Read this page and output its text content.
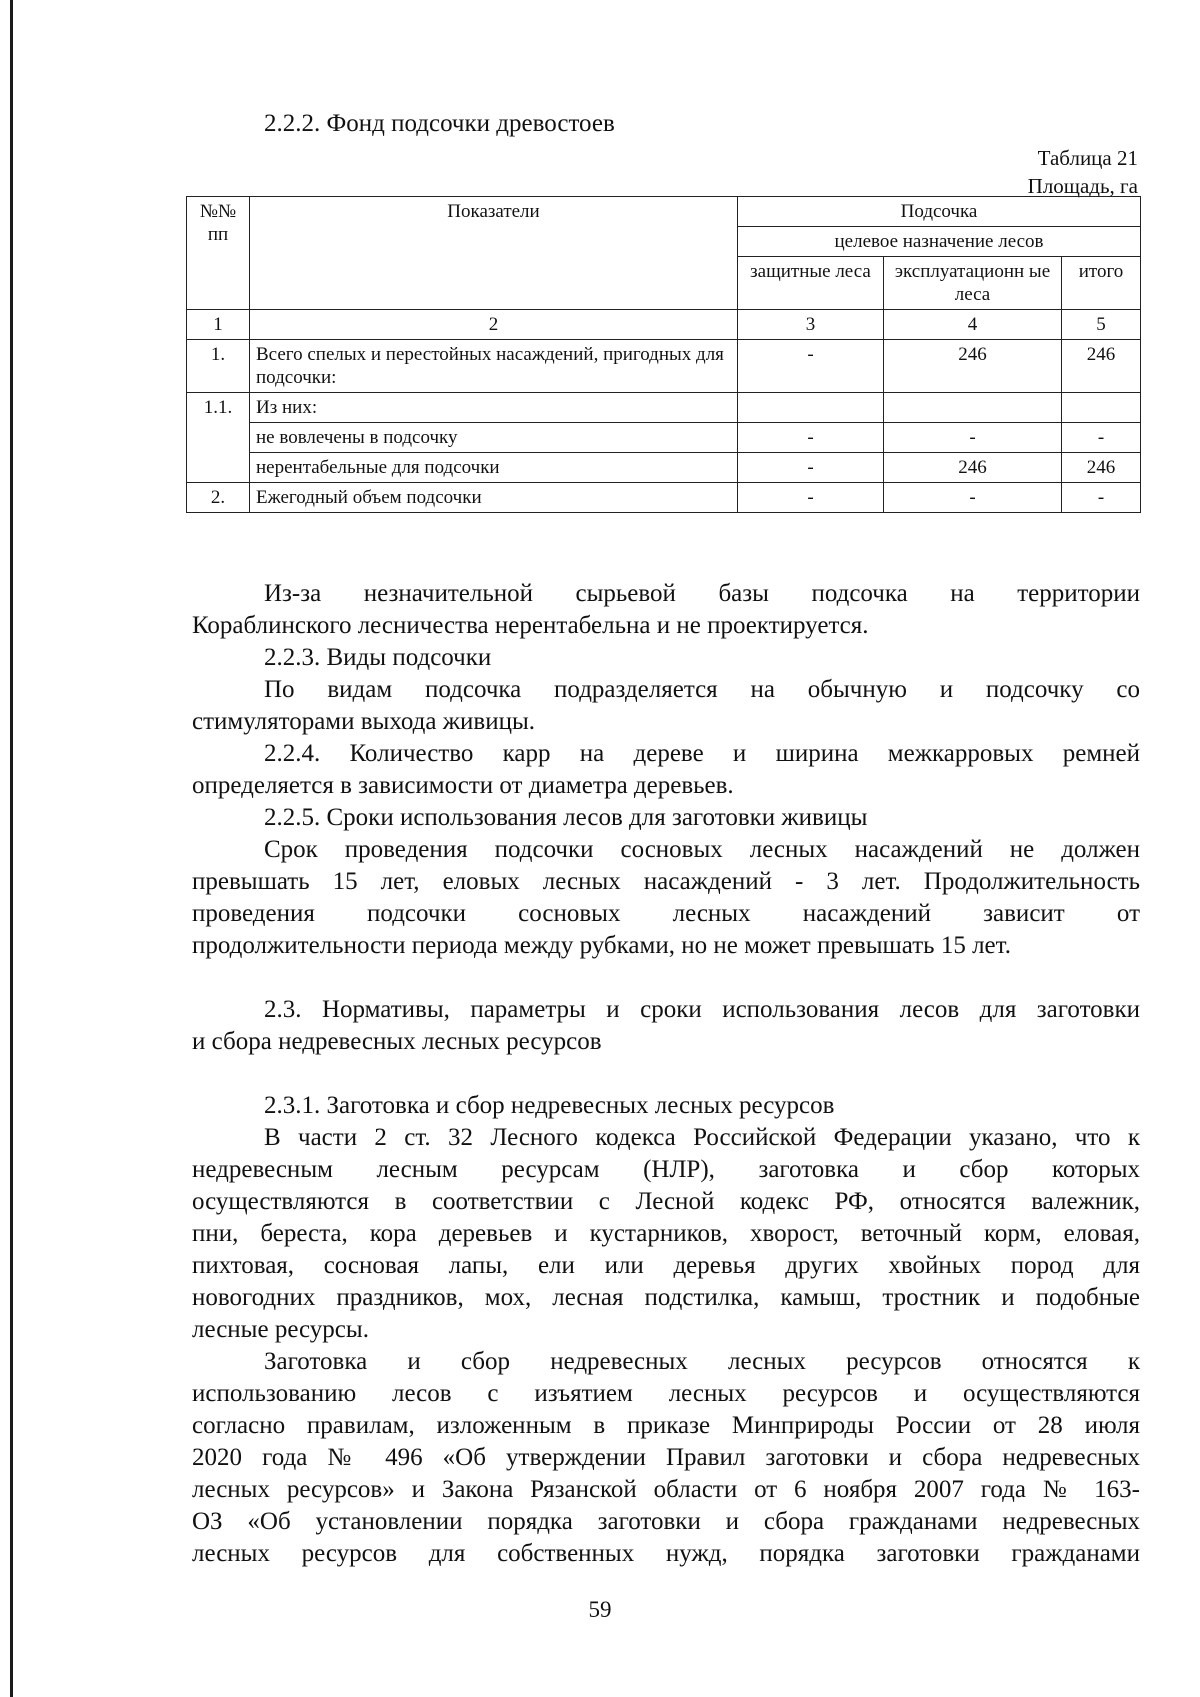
2.2.2. Фонд подсочки древостоев

Таблица 21

Площадь, га

№№ пп	Показатели	Подсочка		
		целевое назначение лесов		
		защитные леса	эксплуатационн ые леса	итого
1	2	3	4	5
1.	Всего спелых и перестойных насаждений, пригодных для подсочки:	-	246	246
1.1.	Из них:			
	не вовлечены в подсочку	-	-	-
	нерентабельные для подсочки	-	246	246
2.	Ежегодный объем подсочки	-	-	-

Из-за незначительной сырьевой базы подсочка на территории

Кораблинского лесничества нерентабельна и не проектируется.

2.2.3. Виды подсочки

По видам подсочка подразделяется на обычную и подсочку со

стимуляторами выхода живицы.

2.2.4. Количество карр на дереве и ширина межкарровых ремней

определяется в зависимости от диаметра деревьев.

2.2.5. Сроки использования лесов для заготовки живицы

Срок проведения подсочки сосновых лесных насаждений не должен

превышать 15 лет, еловых лесных насаждений - 3 лет. Продолжительность

проведения подсочки сосновых лесных насаждений зависит от

продолжительности периода между рубками, но не может превышать 15 лет.

2.3. Нормативы, параметры и сроки использования лесов для заготовки

и сбора недревесных лесных ресурсов

2.3.1. Заготовка и сбор недревесных лесных ресурсов

В части 2 ст. 32 Лесного кодекса Российской Федерации указано, что к

недревесным лесным ресурсам (НЛР), заготовка и сбор которых

осуществляются в соответствии с Лесной кодекс РФ, относятся валежник,

пни, береста, кора деревьев и кустарников, хворост, веточный корм, еловая,

пихтовая, сосновая лапы, ели или деревья других хвойных пород для

новогодних праздников, мох, лесная подстилка, камыш, тростник и подобные

лесные ресурсы.

Заготовка и сбор недревесных лесных ресурсов относятся к

использованию лесов с изъятием лесных ресурсов и осуществляются

согласно правилам, изложенным в приказе Минприроды России от 28 июля

2020 года № 496 «Об утверждении Правил заготовки и сбора недревесных

лесных ресурсов» и Закона Рязанской области от 6 ноября 2007 года № 163-

ОЗ «Об установлении порядка заготовки и сбора гражданами недревесных

лесных ресурсов для собственных нужд, порядка заготовки гражданами

59
